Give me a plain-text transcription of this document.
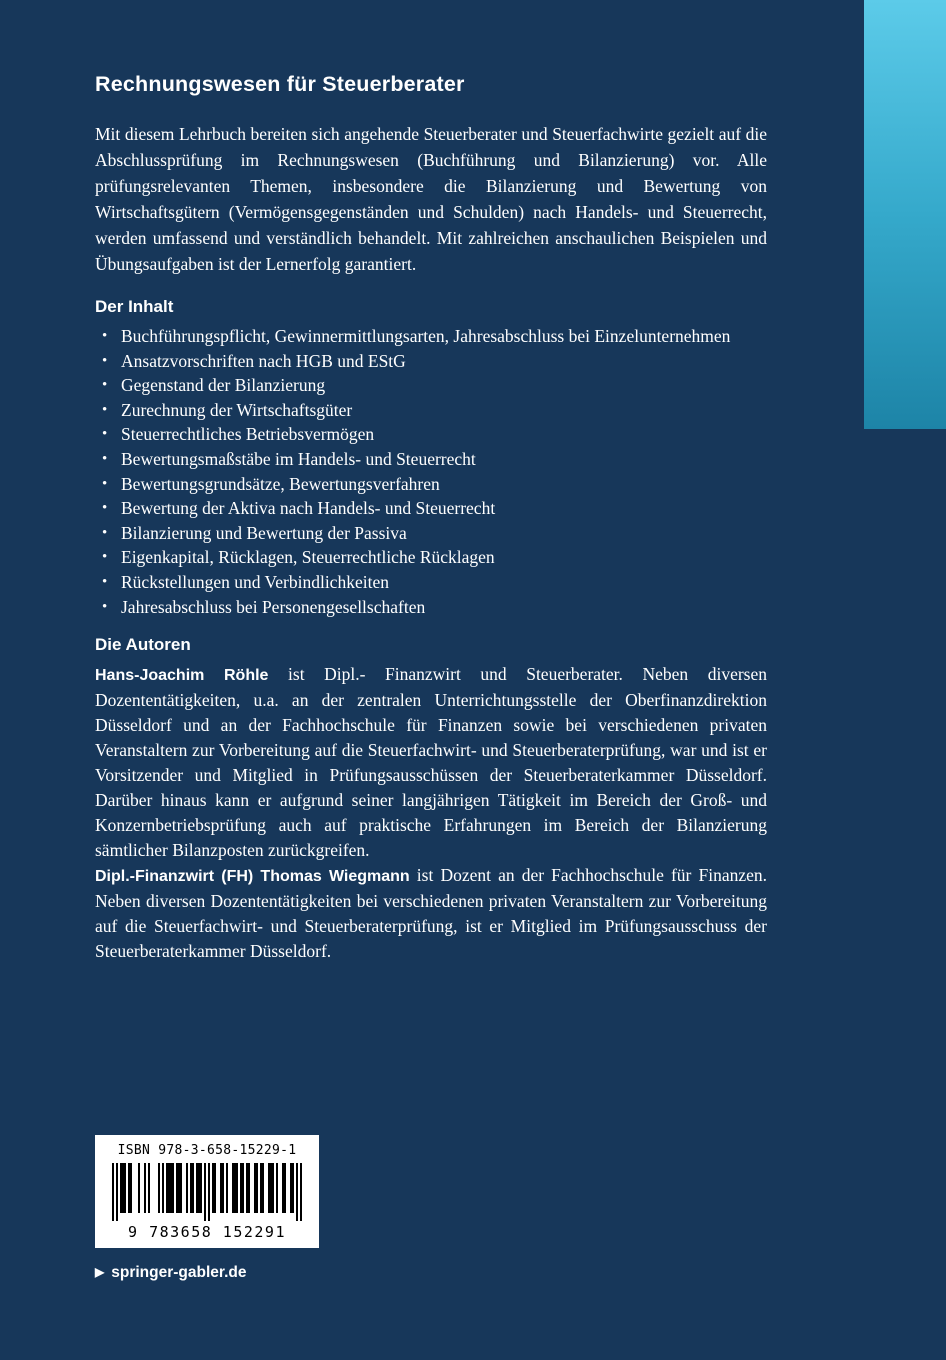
Rechnungswesen für Steuerberater

Mit diesem Lehrbuch bereiten sich angehende Steuerberater und Steuerfachwirte gezielt auf die Abschlussprüfung im Rechnungswesen (Buchführung und Bilanzierung) vor. Alle prüfungsrelevanten Themen, insbesondere die Bilanzierung und Bewertung von Wirtschaftsgütern (Vermögensgegenständen und Schulden) nach Handels- und Steuerrecht, werden umfassend und verständlich behandelt. Mit zahlreichen anschaulichen Beispielen und Übungsaufgaben ist der Lernerfolg garantiert.

Der Inhalt
• Buchführungspflicht, Gewinnermittlungsarten, Jahresabschluss bei Einzelunternehmen
• Ansatzvorschriften nach HGB und EStG
• Gegenstand der Bilanzierung
• Zurechnung der Wirtschaftsgüter
• Steuerrechtliches Betriebsvermögen
• Bewertungsmaßstäbe im Handels- und Steuerrecht
• Bewertungsgrundsätze, Bewertungsverfahren
• Bewertung der Aktiva nach Handels- und Steuerrecht
• Bilanzierung und Bewertung der Passiva
• Eigenkapital, Rücklagen, Steuerrechtliche Rücklagen
• Rückstellungen und Verbindlichkeiten
• Jahresabschluss bei Personengesellschaften
Die Autoren

Hans-Joachim Röhle ist Dipl.- Finanzwirt und Steuerberater. Neben diversen Dozententätigkeiten, u.a. an der zentralen Unterrichtungsstelle der Oberfinanzdirektion Düsseldorf und an der Fachhochschule für Finanzen sowie bei verschiedenen privaten Veranstaltern zur Vorbereitung auf die Steuerfachwirt- und Steuerberaterprüfung, war und ist er Vorsitzender und Mitglied in Prüfungsausschüssen der Steuerberaterkammer Düsseldorf. Darüber hinaus kann er aufgrund seiner langjährigen Tätigkeit im Bereich der Groß- und Konzernbetriebsprüfung auch auf praktische Erfahrungen im Bereich der Bilanzierung sämtlicher Bilanzposten zurückgreifen.

Dipl.-Finanzwirt (FH) Thomas Wiegmann ist Dozent an der Fachhochschule für Finanzen. Neben diversen Dozententätigkeiten bei verschiedenen privaten Veranstaltern zur Vorbereitung auf die Steuerfachwirt- und Steuerberaterprüfung, ist er Mitglied im Prüfungsausschuss der Steuerberaterkammer Düsseldorf.

ISBN 978-3-658-15229-1
9 783658 152291
▶ springer-gabler.de
